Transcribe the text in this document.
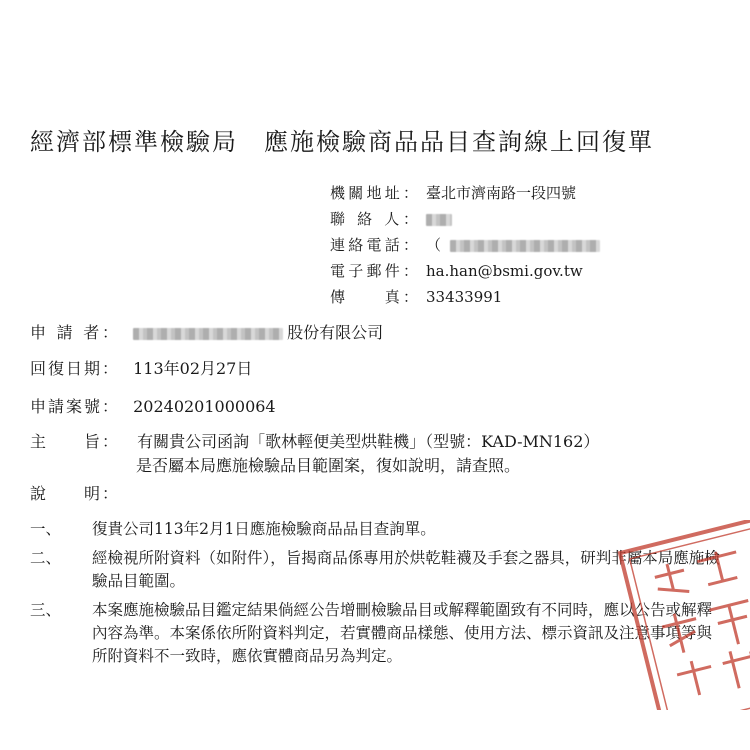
經濟部標準檢驗局　應施檢驗商品品目查詢線上回復單
機關地址： 臺北市濟南路一段四號
聯 絡 人：
連絡電話： （
電子郵件： ha.han@bsmi.gov.tw
傳　　真： 33433991
申 請 者：	股份有限公司
回復日期： 113年02月27日
申請案號： 20240201000064
主　　旨： 有關貴公司函詢「歌林輕便美型烘鞋機」（型號：KAD-MN162）
是否屬本局應施檢驗品目範圍案，復如說明，請查照。
說　　明：
一、	復貴公司113年2月1日應施檢驗商品品目查詢單。
二、	經檢視所附資料（如附件），旨揭商品係專用於烘乾鞋襪及手套之器具，研判非屬本局應施檢驗品目範圍。
三、	本案應施檢驗品目鑑定結果倘經公告增刪檢驗品目或解釋範圍致有不同時，應以公告或解釋內容為準。本案係依所附資料判定，若實體商品樣態、使用方法、標示資訊及注意事項等與所附資料不一致時，應依實體商品另為判定。
